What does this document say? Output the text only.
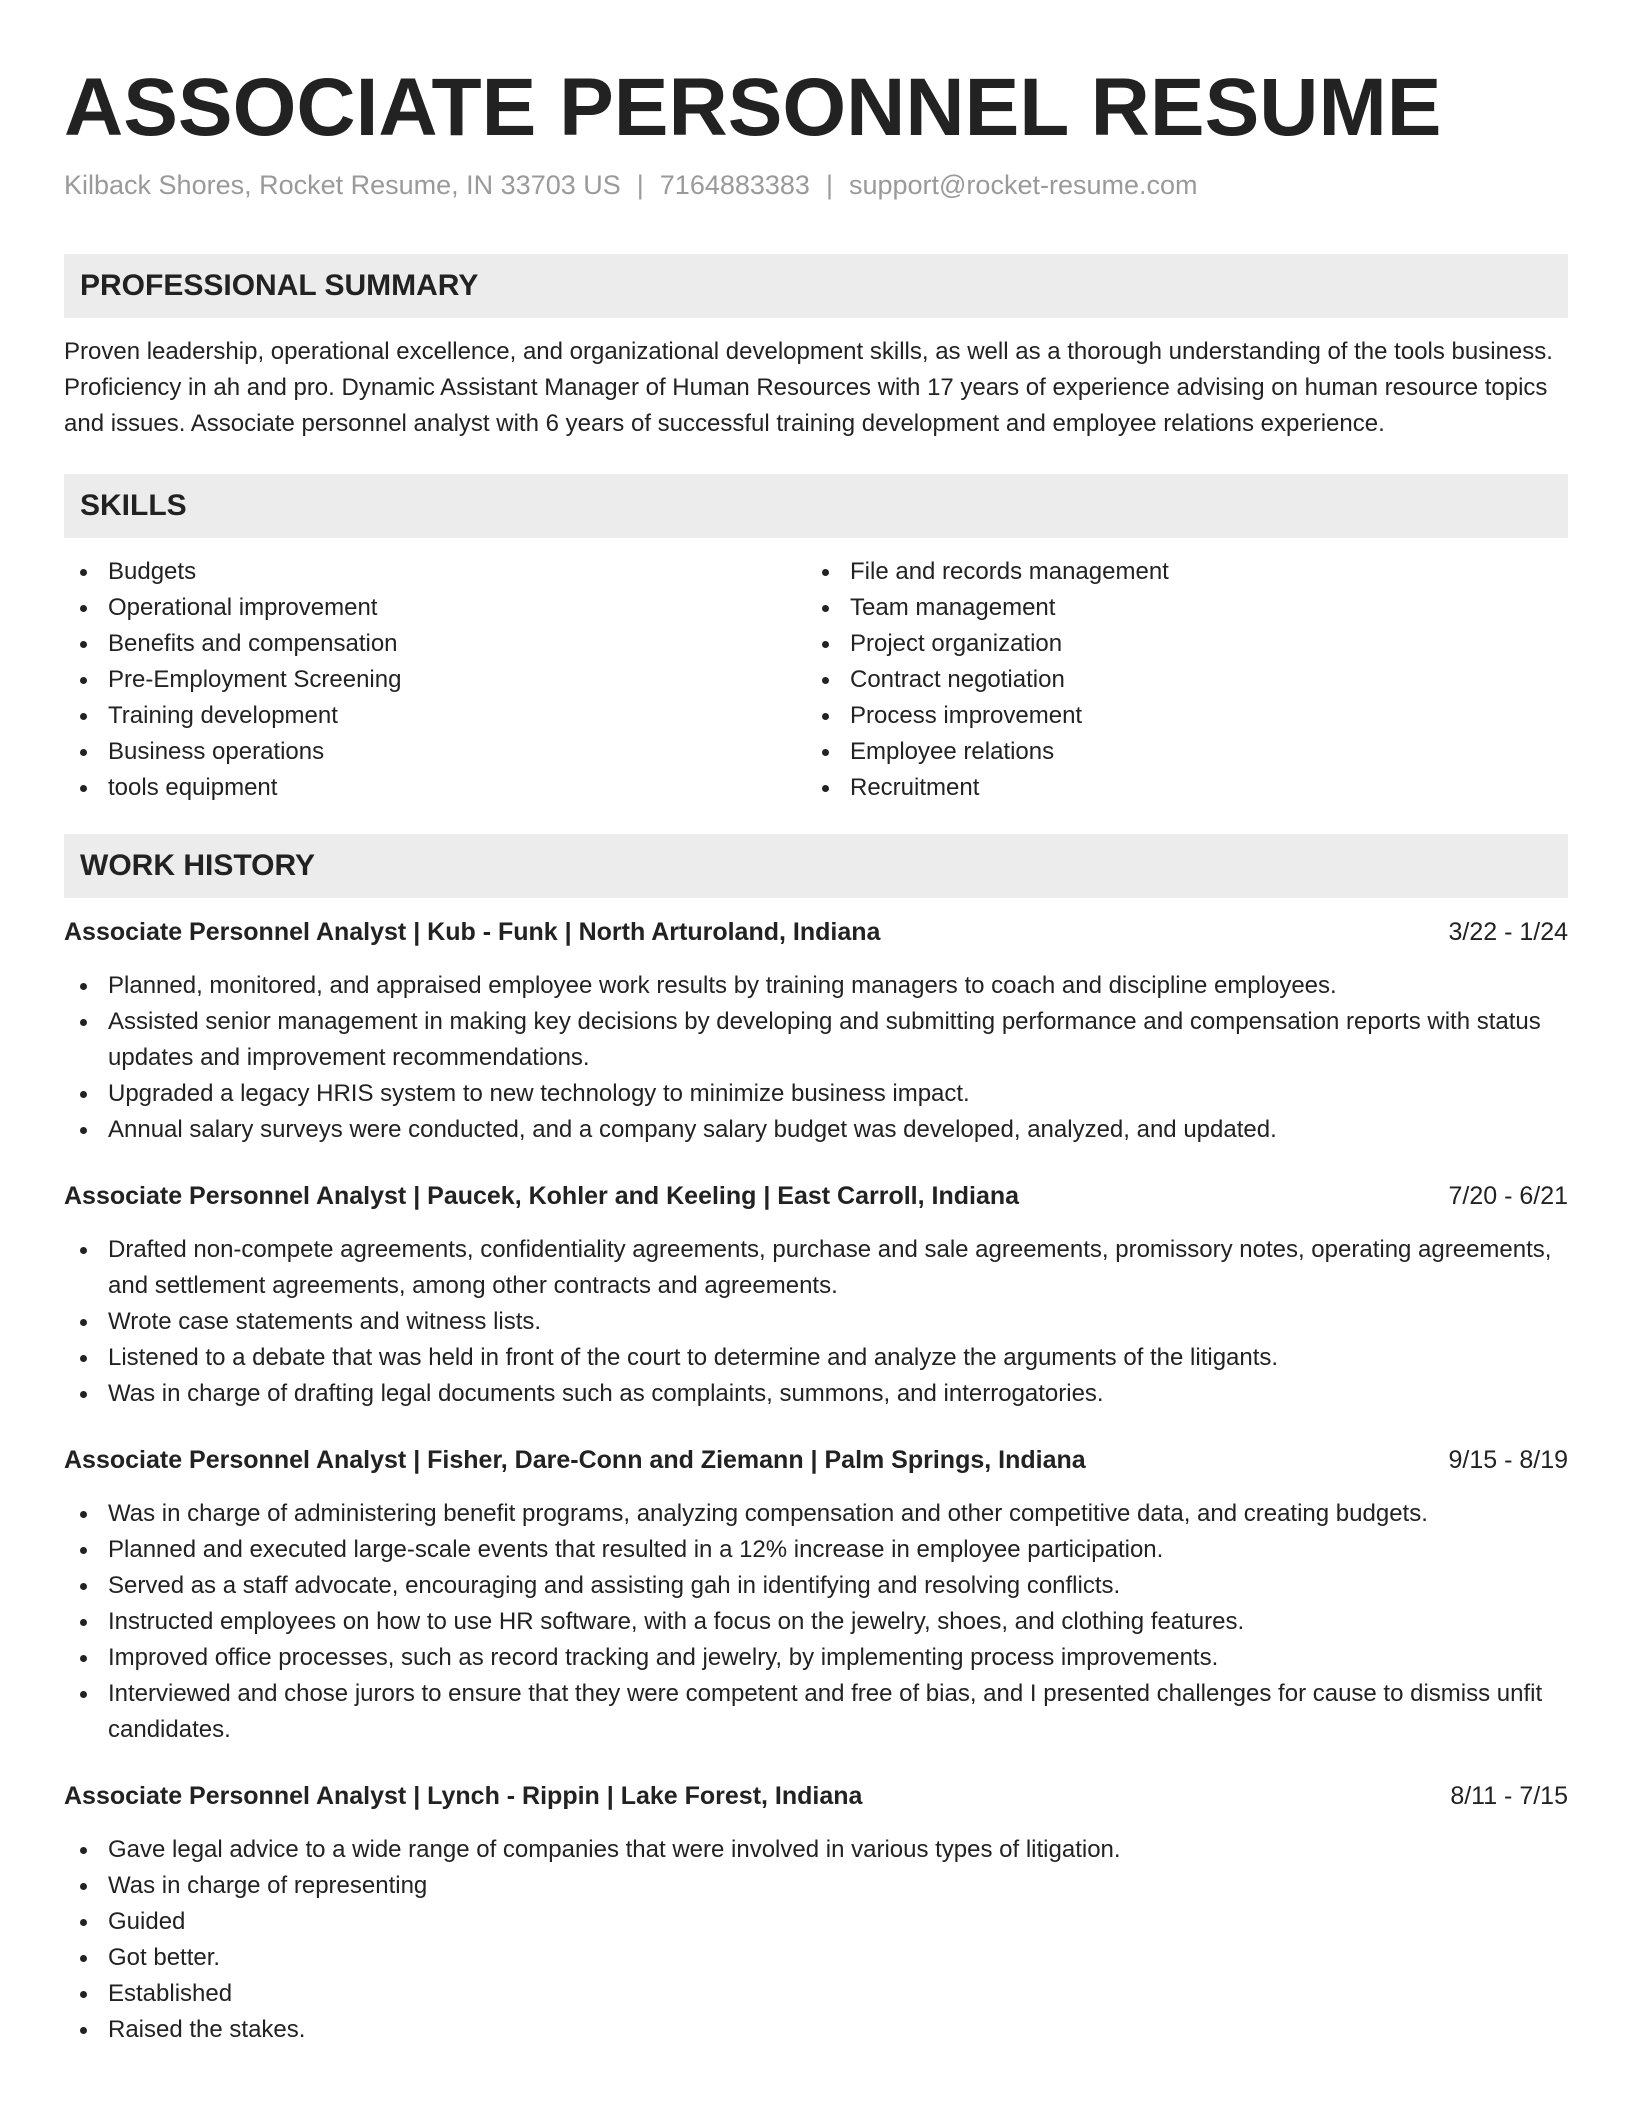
ASSOCIATE PERSONNEL RESUME
Kilback Shores, Rocket Resume, IN 33703 US | 7164883383 | support@rocket-resume.com
PROFESSIONAL SUMMARY
Proven leadership, operational excellence, and organizational development skills, as well as a thorough understanding of the tools business. Proficiency in ah and pro. Dynamic Assistant Manager of Human Resources with 17 years of experience advising on human resource topics and issues. Associate personnel analyst with 6 years of successful training development and employee relations experience.
SKILLS
Budgets
Operational improvement
Benefits and compensation
Pre-Employment Screening
Training development
Business operations
tools equipment
File and records management
Team management
Project organization
Contract negotiation
Process improvement
Employee relations
Recruitment
WORK HISTORY
Associate Personnel Analyst | Kub - Funk | North Arturoland, Indiana	3/22 - 1/24
Planned, monitored, and appraised employee work results by training managers to coach and discipline employees.
Assisted senior management in making key decisions by developing and submitting performance and compensation reports with status updates and improvement recommendations.
Upgraded a legacy HRIS system to new technology to minimize business impact.
Annual salary surveys were conducted, and a company salary budget was developed, analyzed, and updated.
Associate Personnel Analyst | Paucek, Kohler and Keeling | East Carroll, Indiana	7/20 - 6/21
Drafted non-compete agreements, confidentiality agreements, purchase and sale agreements, promissory notes, operating agreements, and settlement agreements, among other contracts and agreements.
Wrote case statements and witness lists.
Listened to a debate that was held in front of the court to determine and analyze the arguments of the litigants.
Was in charge of drafting legal documents such as complaints, summons, and interrogatories.
Associate Personnel Analyst | Fisher, Dare-Conn and Ziemann | Palm Springs, Indiana	9/15 - 8/19
Was in charge of administering benefit programs, analyzing compensation and other competitive data, and creating budgets.
Planned and executed large-scale events that resulted in a 12% increase in employee participation.
Served as a staff advocate, encouraging and assisting gah in identifying and resolving conflicts.
Instructed employees on how to use HR software, with a focus on the jewelry, shoes, and clothing features.
Improved office processes, such as record tracking and jewelry, by implementing process improvements.
Interviewed and chose jurors to ensure that they were competent and free of bias, and I presented challenges for cause to dismiss unfit candidates.
Associate Personnel Analyst | Lynch - Rippin | Lake Forest, Indiana	8/11 - 7/15
Gave legal advice to a wide range of companies that were involved in various types of litigation.
Was in charge of representing
Guided
Got better.
Established
Raised the stakes.
